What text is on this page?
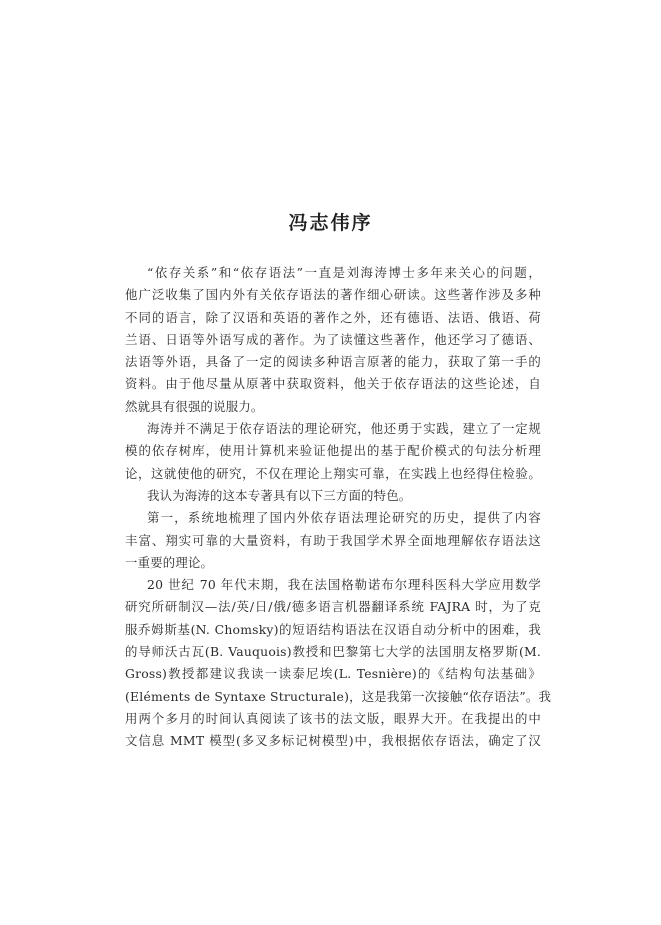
冯志伟序
“依存关系”和“依存语法”一直是刘海涛博士多年来关心的问题，
他广泛收集了国内外有关依存语法的著作细心研读。这些著作涉及多种
不同的语言，除了汉语和英语的著作之外，还有德语、法语、俄语、荷
兰语、日语等外语写成的著作。为了读懂这些著作，他还学习了德语、
法语等外语，具备了一定的阅读多种语言原著的能力，获取了第一手的
资料。由于他尽量从原著中获取资料，他关于依存语法的这些论述，自
然就具有很强的说服力。
海涛并不满足于依存语法的理论研究，他还勇于实践，建立了一定规
模的依存树库，使用计算机来验证他提出的基于配价模式的句法分析理
论，这就使他的研究，不仅在理论上翔实可靠，在实践上也经得住检验。
我认为海涛的这本专著具有以下三方面的特色。
第一，系统地梳理了国内外依存语法理论研究的历史，提供了内容
丰富、翔实可靠的大量资料，有助于我国学术界全面地理解依存语法这
一重要的理论。
20 世纪 70 年代末期，我在法国格勒诺布尔理科医科大学应用数学
研究所研制汉—法/英/日/俄/德多语言机器翻译系统 FAJRA 时，为了克
服乔姆斯基(N. Chomsky)的短语结构语法在汉语自动分析中的困难，我
的导师沃古瓦(B. Vauquois)教授和巴黎第七大学的法国朋友格罗斯(M.
Gross)教授都建议我读一读泰尼埃(L. Tesnière)的《结构句法基础》
(Eléments de Syntaxe Structurale)，这是我第一次接触“依存语法”。我
用两个多月的时间认真阅读了该书的法文版，眼界大开。在我提出的中
文信息 MMT 模型(多叉多标记树模型)中，我根据依存语法，确定了汉
